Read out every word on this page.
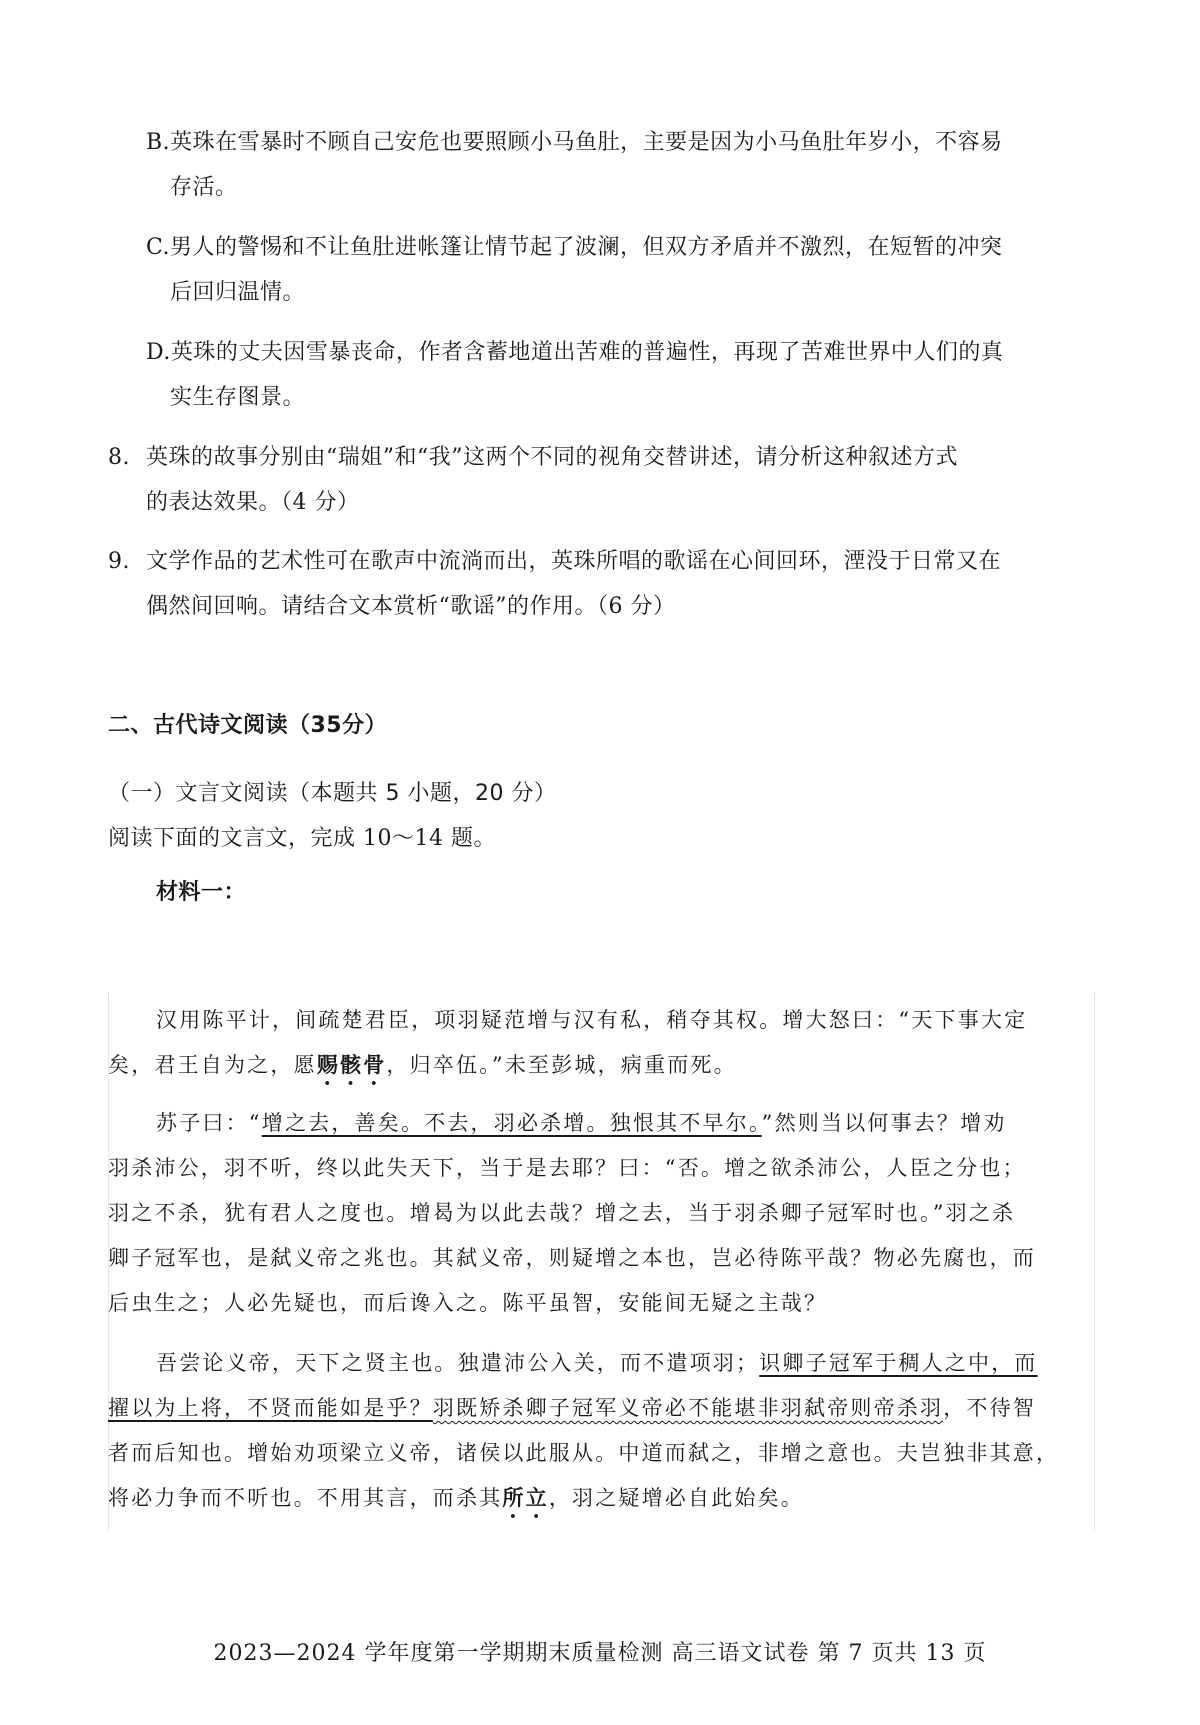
B.英珠在雪暴时不顾自己安危也要照顾小马鱼肚，主要是因为小马鱼肚年岁小，不容易
存活。
C.男人的警惕和不让鱼肚进帐篷让情节起了波澜，但双方矛盾并不激烈，在短暂的冲突
后回归温情。
D.英珠的丈夫因雪暴丧命，作者含蓄地道出苦难的普遍性，再现了苦难世界中人们的真
实生存图景。
8. 英珠的故事分别由“瑞姐”和“我”这两个不同的视角交替讲述，请分析这种叙述方式
的表达效果。（4 分）
9. 文学作品的艺术性可在歌声中流淌而出，英珠所唱的歌谣在心间回环，湮没于日常又在
偶然间回响。请结合文本赏析“歌谣”的作用。（6 分）
二、古代诗文阅读（35分）
（一）文言文阅读（本题共 5 小题，20 分）
阅读下面的文言文，完成 10～14 题。
材料一：
汉用陈平计，间疏楚君臣，项羽疑范增与汉有私，稍夺其权。增大怒曰：“天下事大定
矣，君王自为之，愿赐骸骨，归卒伍。”未至彭城，病重而死。
苏子曰：“增之去，善矣。不去，羽必杀增。独恨其不早尔。”然则当以何事去？增劝
羽杀沛公，羽不听，终以此失天下，当于是去耶？曰：“否。增之欲杀沛公，人臣之分也；
羽之不杀，犹有君人之度也。增曷为以此去哉？增之去，当于羽杀卿子冠军时也。”羽之杀
卿子冠军也，是弑义帝之兆也。其弑义帝，则疑增之本也，岂必待陈平哉？物必先腐也，而
后虫生之；人必先疑也，而后谗入之。陈平虽智，安能间无疑之主哉？
吾尝论义帝，天下之贤主也。独遣沛公入关，而不遣项羽；识卿子冠军于稠人之中，而
擢以为上将，不贤而能如是乎？羽既矫杀卿子冠军义帝必不能堪非羽弑帝则帝杀羽，不待智
者而后知也。增始劝项梁立义帝，诸侯以此服从。中道而弑之，非增之意也。夫岂独非其意，
将必力争而不听也。不用其言，而杀其所立，羽之疑增必自此始矣。
2023—2024 学年度第一学期期末质量检测 高三语文试卷 第 7 页共 13 页
